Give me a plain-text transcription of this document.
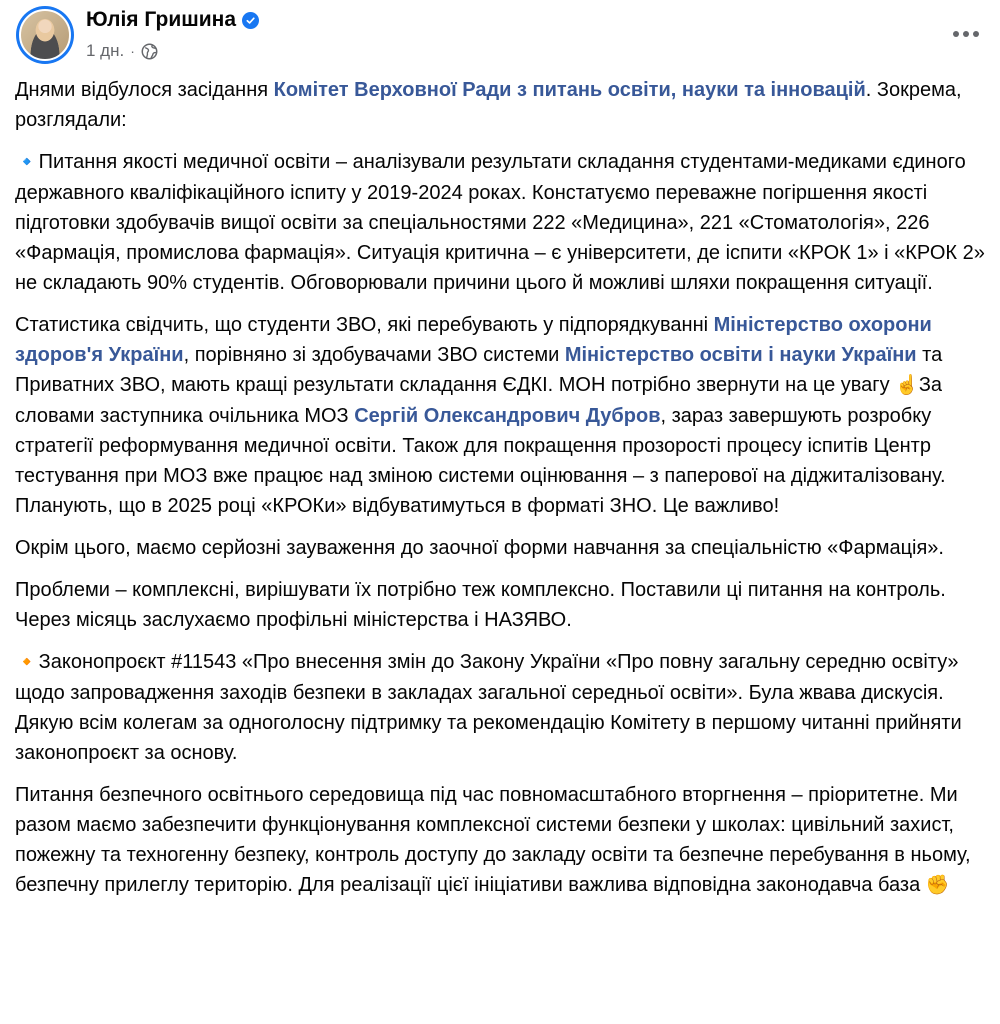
Юлія Гришина
1 дн. ·

Днями відбулося засідання Комітет Верховної Ради з питань освіти, науки та інновацій. Зокрема, розглядали:

🔹Питання якості медичної освіти – аналізували результати складання студентами-медиками єдиного державного кваліфікаційного іспиту у 2019-2024 роках. Констатуємо переважне погіршення якості підготовки здобувачів вищої освіти за спеціальностями 222 «Медицина», 221 «Стоматологія», 226 «Фармація, промислова фармація». Ситуація критична – є університети, де іспити «КРОК 1» і «КРОК 2» не складають 90% студентів. Обговорювали причини цього й можливі шляхи покращення ситуації.

Статистика свідчить, що студенти ЗВО, які перебувають у підпорядкуванні Міністерство охорони здоров'я України, порівняно зі здобувачами ЗВО системи Міністерство освіти і науки України та Приватних ЗВО, мають кращі результати складання ЄДКІ. МОН потрібно звернути на це увагу ☝️За словами заступника очільника МОЗ Сергій Олександрович Дубров, зараз завершують розробку стратегії реформування медичної освіти. Також для покращення прозорості процесу іспитів Центр тестування при МОЗ вже працює над зміною системи оцінювання – з паперової на діджиталізовану. Планують, що в 2025 році «КРОКи» відбуватимуться в форматі ЗНО. Це важливо!

Окрім цього, маємо серйозні зауваження до заочної форми навчання за спеціальністю «Фармація».

Проблеми – комплексні, вирішувати їх потрібно теж комплексно. Поставили ці питання на контроль. Через місяць заслухаємо профільні міністерства і НАЗЯВО.

🔸Законопроєкт #11543 «Про внесення змін до Закону України «Про повну загальну середню освіту» щодо запровадження заходів безпеки в закладах загальної середньої освіти». Була жвава дискусія. Дякую всім колегам за одноголосну підтримку та рекомендацію Комітету в першому читанні прийняти законопроєкт за основу.

Питання безпечного освітнього середовища під час повномасштабного вторгнення – пріоритетне. Ми разом маємо забезпечити функціонування комплексної системи безпеки у школах: цивільний захист, пожежну та техногенну безпеку, контроль доступу до закладу освіти та безпечне перебування в ньому, безпечну прилеглу територію. Для реалізації цієї ініціативи важлива відповідна законодавча база ✊
